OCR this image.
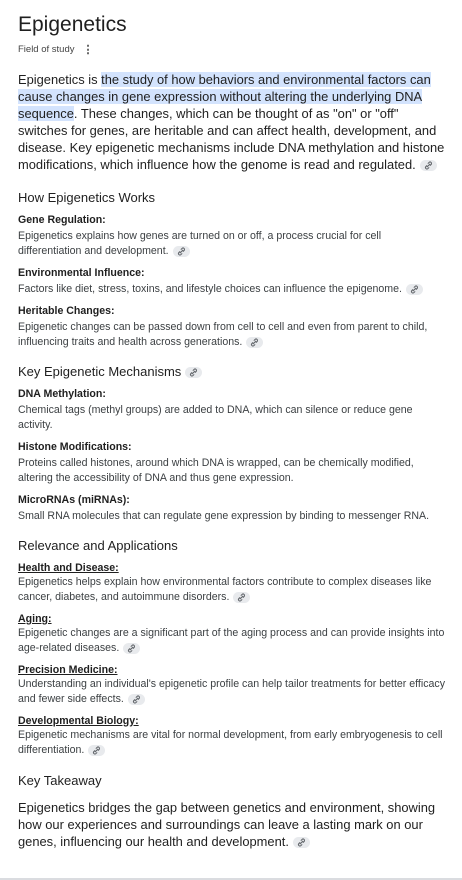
Epigenetics
Field of study ⋮
Epigenetics is the study of how behaviors and environmental factors can cause changes in gene expression without altering the underlying DNA sequence. These changes, which can be thought of as "on" or "off" switches for genes, are heritable and can affect health, development, and disease. Key epigenetic mechanisms include DNA methylation and histone modifications, which influence how the genome is read and regulated.
How Epigenetics Works
Gene Regulation:
Epigenetics explains how genes are turned on or off, a process crucial for cell differentiation and development.
Environmental Influence:
Factors like diet, stress, toxins, and lifestyle choices can influence the epigenome.
Heritable Changes:
Epigenetic changes can be passed down from cell to cell and even from parent to child, influencing traits and health across generations.
Key Epigenetic Mechanisms
DNA Methylation:
Chemical tags (methyl groups) are added to DNA, which can silence or reduce gene activity.
Histone Modifications:
Proteins called histones, around which DNA is wrapped, can be chemically modified, altering the accessibility of DNA and thus gene expression.
MicroRNAs (miRNAs):
Small RNA molecules that can regulate gene expression by binding to messenger RNA.
Relevance and Applications
Health and Disease:
Epigenetics helps explain how environmental factors contribute to complex diseases like cancer, diabetes, and autoimmune disorders.
Aging:
Epigenetic changes are a significant part of the aging process and can provide insights into age-related diseases.
Precision Medicine:
Understanding an individual's epigenetic profile can help tailor treatments for better efficacy and fewer side effects.
Developmental Biology:
Epigenetic mechanisms are vital for normal development, from early embryogenesis to cell differentiation.
Key Takeaway
Epigenetics bridges the gap between genetics and environment, showing how our experiences and surroundings can leave a lasting mark on our genes, influencing our health and development.
